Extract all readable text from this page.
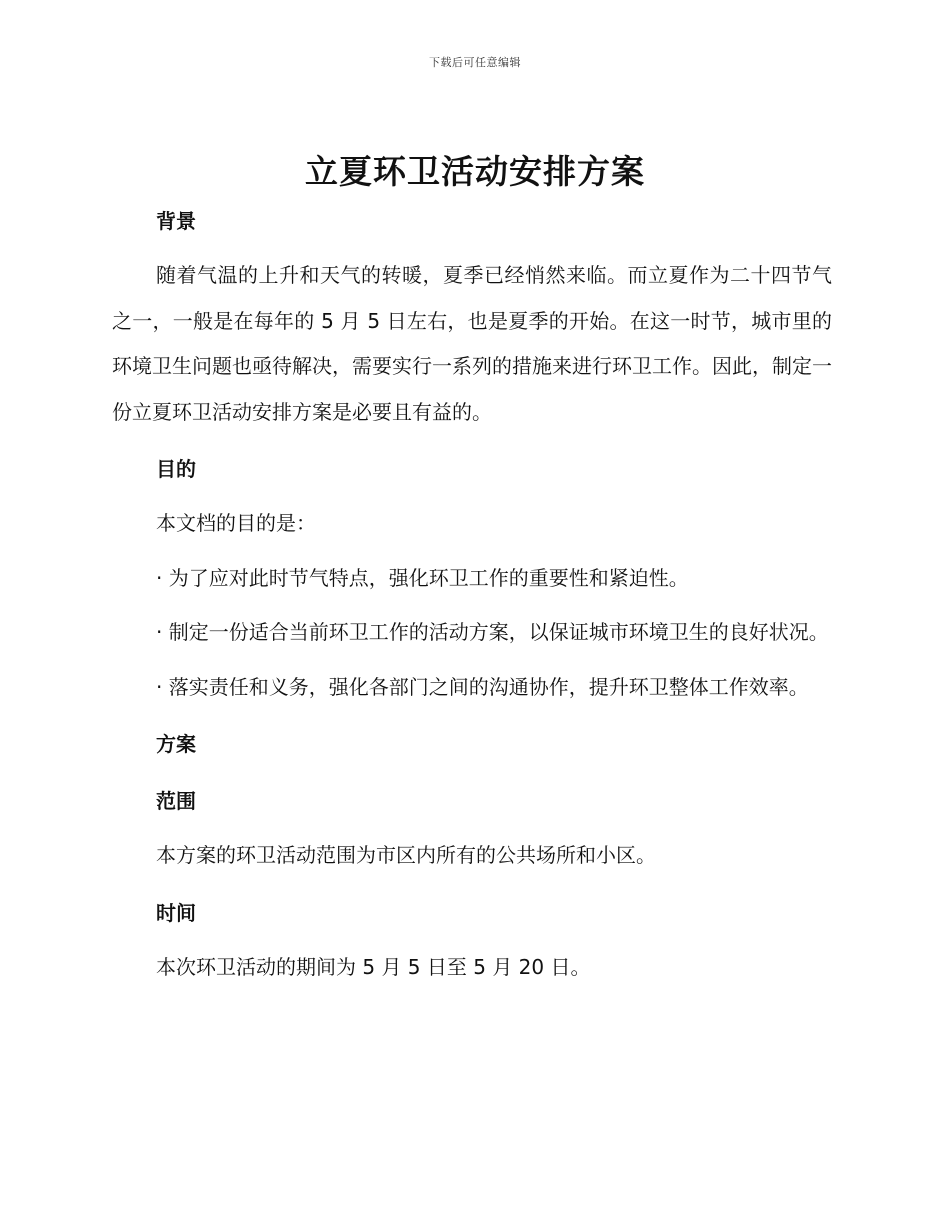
下载后可任意编辑
立夏环卫活动安排方案
背景
随着气温的上升和天气的转暖，夏季已经悄然来临。而立夏作为二十四节气之一，一般是在每年的 5 月 5 日左右，也是夏季的开始。在这一时节，城市里的环境卫生问题也亟待解决，需要实行一系列的措施来进行环卫工作。因此，制定一份立夏环卫活动安排方案是必要且有益的。
目的
本文档的目的是：
· 为了应对此时节气特点，强化环卫工作的重要性和紧迫性。
· 制定一份适合当前环卫工作的活动方案，以保证城市环境卫生的良好状况。
· 落实责任和义务，强化各部门之间的沟通协作，提升环卫整体工作效率。
方案
范围
本方案的环卫活动范围为市区内所有的公共场所和小区。
时间
本次环卫活动的期间为 5 月 5 日至 5 月 20 日。
